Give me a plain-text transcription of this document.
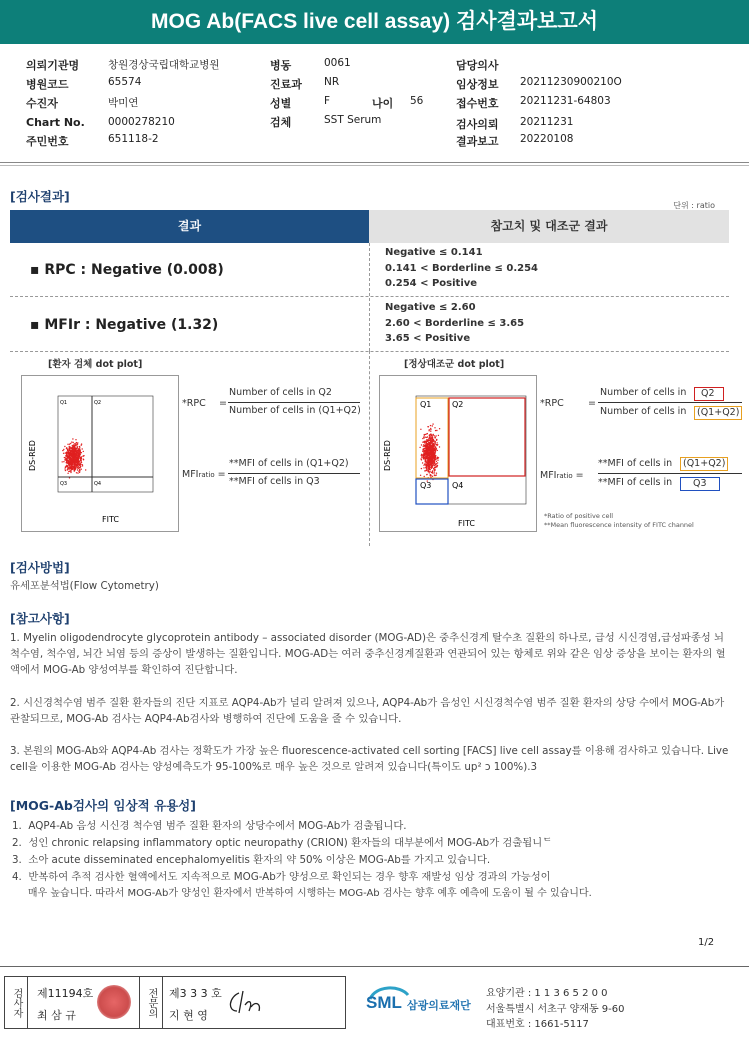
MOG Ab(FACS live cell assay) 검사결과보고서
의뢰기관명	창원경상국립대학교병원
병원코드	65574
수진자	박미연
Chart No. 0000278210
주민번호	651118-2
병동	0061
진료과 NR
성별	F	나이 56
검체	SST Serum
담당의사
임상정보 20211230900210O
접수번호 20211231-64803
검사의뢰 20211231
결과보고 20220108
[검사결과]
단위 : ratio
결과	참고치 및 대조군 결과
▪ RPC : Negative (0.008)
Negative ≤ 0.141
0.141 < Borderline ≤ 0.254
0.254 < Positive
▪ MFIr : Negative (1.32)
Negative ≤ 2.60
2.60 < Borderline ≤ 3.65
3.65 < Positive
[환자 검체 dot plot]
Q1	Q2
Q3	Q4
FITC
DS-RED
*RPC =
Number of cells in Q2
Number of cells in (Q1+Q2)
MFIratio =
**MFI of cells in (Q1+Q2)
**MFI of cells in Q3
[정상대조군 dot plot]
Q1	Q2
Q3	Q4
FITC
DS-RED
*RPC	=
Number of cells in	Q2
Number of cells in	(Q1+Q2)
MFIratio =
**MFI of cells in	(Q1+Q2)
**MFI of cells in	Q3
*Ratio of positive cell
**Mean fluorescence intensity of FITC channel
[검사방법]
유세포분석법(Flow Cytometry)
[참고사항]
1. Myelin oligodendrocyte glycoprotein antibody – associated disorder (MOG-AD)은 중추신경계 탈수초 질환의 하나로, 급성 시신경염,급성파종성 뇌척수염, 척수염, 뇌간 뇌염 등의 증상이 발생하는 질환입니다. MOG-AD는 여러 중추신경계질환과 연관되어 있는 항체로 위와 같은 임상 증상을 보이는 환자의 혈액에서 MOG-Ab 양성여부를 확인하여 진단합니다.
2. 시신경척수염 범주 질환 환자들의 진단 지표로 AQP4-Ab가 널리 알려져 있으나, AQP4-Ab가 음성인 시신경척수염 범주 질환 환자의 상당 수에서 MOG-Ab가 관찰되므로, MOG-Ab 검사는 AQP4-Ab검사와 병행하여 진단에 도움을 줄 수 있습니다.
3. 본원의 MOG-Ab와 AQP4-Ab 검사는 정확도가 가장 높은 fluorescence-activated cell sorting [FACS] live cell assay를 이용해 검사하고 있습니다. Live cell을 이용한 MOG-Ab 검사는 양성예측도가 95-100%로 매우 높은 것으로 알려져 있습니다(특이도 up² ɔ 100%).3
[MOG-Ab검사의 임상적 유용성]
1.  AQP4-Ab 음성 시신경 척수염 범주 질환 환자의 상당수에서 MOG-Ab가 검출됩니다.
2.  성인 chronic relapsing inflammatory optic neuropathy (CRION) 환자들의 대부분에서 MOG-Ab가 검출됩니ᄃ
3.  소아 acute disseminated encephalomyelitis 환자의 약 50% 이상은 MOG-Ab를 가지고 있습니다.
4.  반복하여 추적 검사한 혈액에서도 지속적으로 MOG-Ab가 양성으로 확인되는 경우 향후 재발성 임상 경과의 가능성이
매우 높습니다. 따라서 MOG-Ab가 양성인 환자에서 반복하여 시행하는 MOG-Ab 검사는 향후 예후 예측에 도움이 될 수 있습니다.
1/2
검사자	제11194호
최 삼 규	전문의	제3 3 3 호
지 현 영
SML 삼광의료재단
요양기관 : 1 1 3 6 5 2 0 0
서울특별시 서초구 양재동 9-60
대표번호 : 1661-5117
